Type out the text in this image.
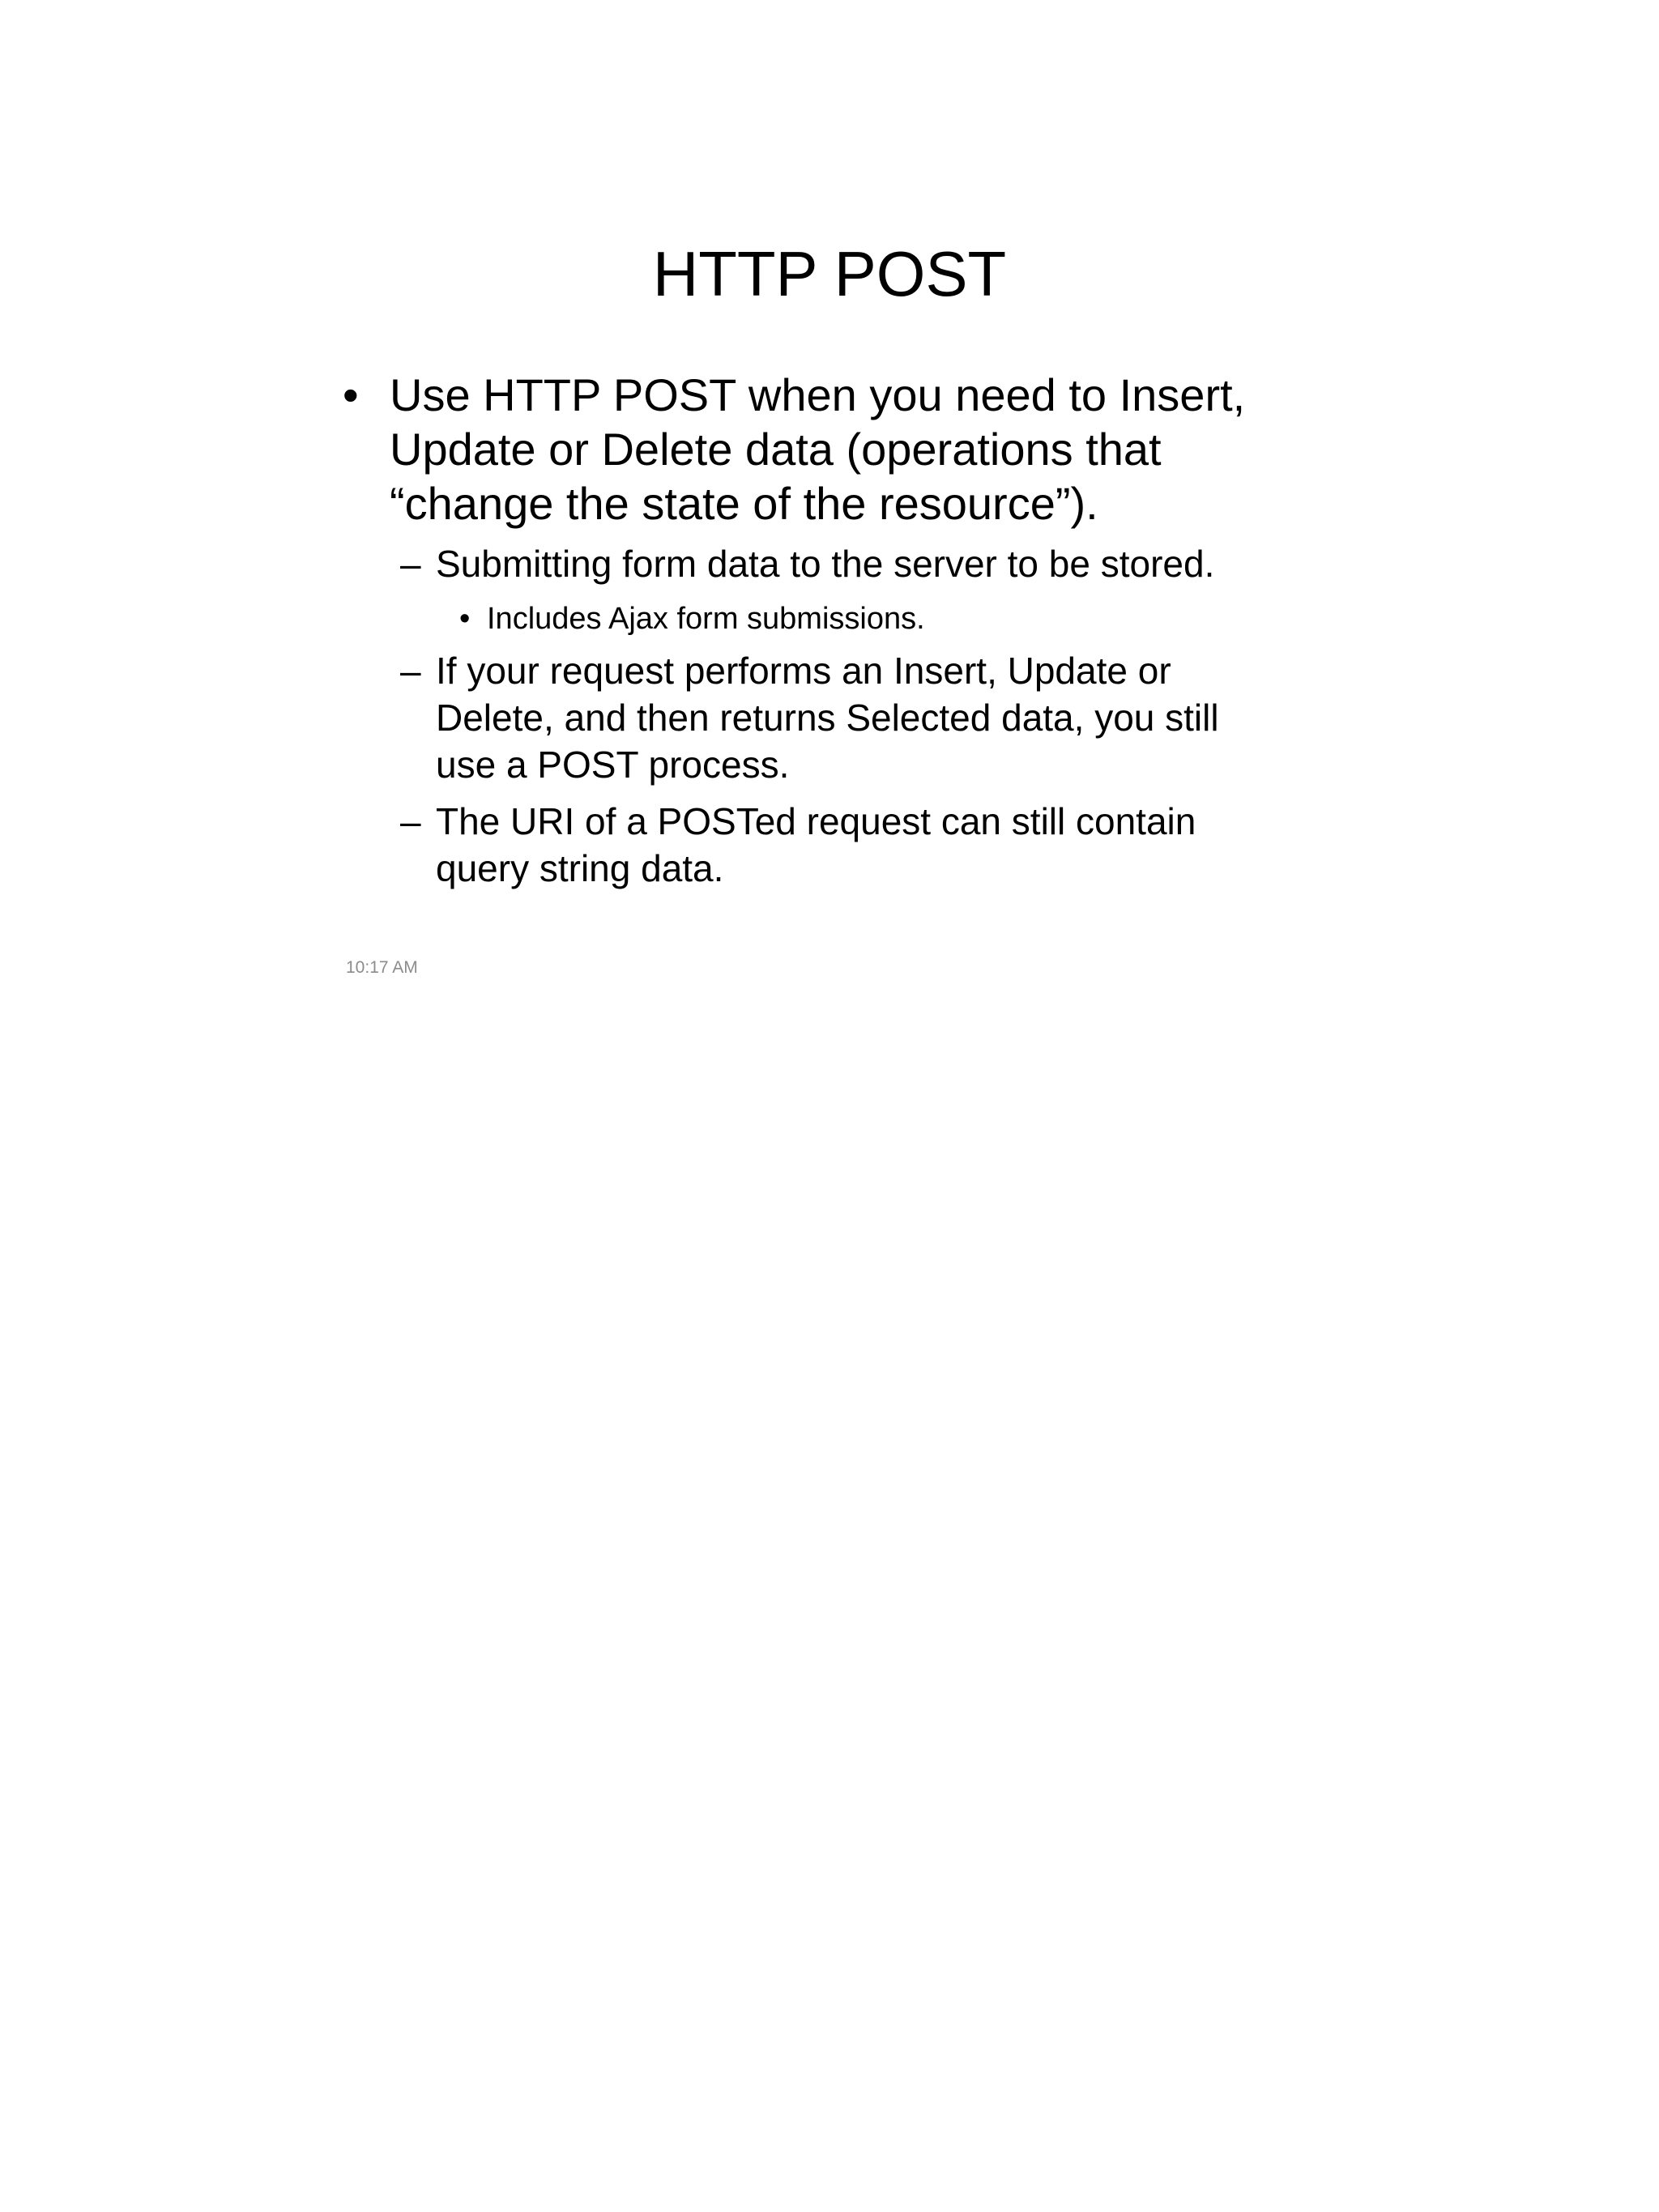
HTTP POST
• Use HTTP POST when you need to Insert,
Update or Delete data (operations that
“change the state of the resource”).
– Submitting form data to the server to be stored.
• Includes Ajax form submissions.
– If your request performs an Insert, Update or
Delete, and then returns Selected data, you still
use a POST process.
– The URI of a POSTed request can still contain
query string data.
10:17 AM
